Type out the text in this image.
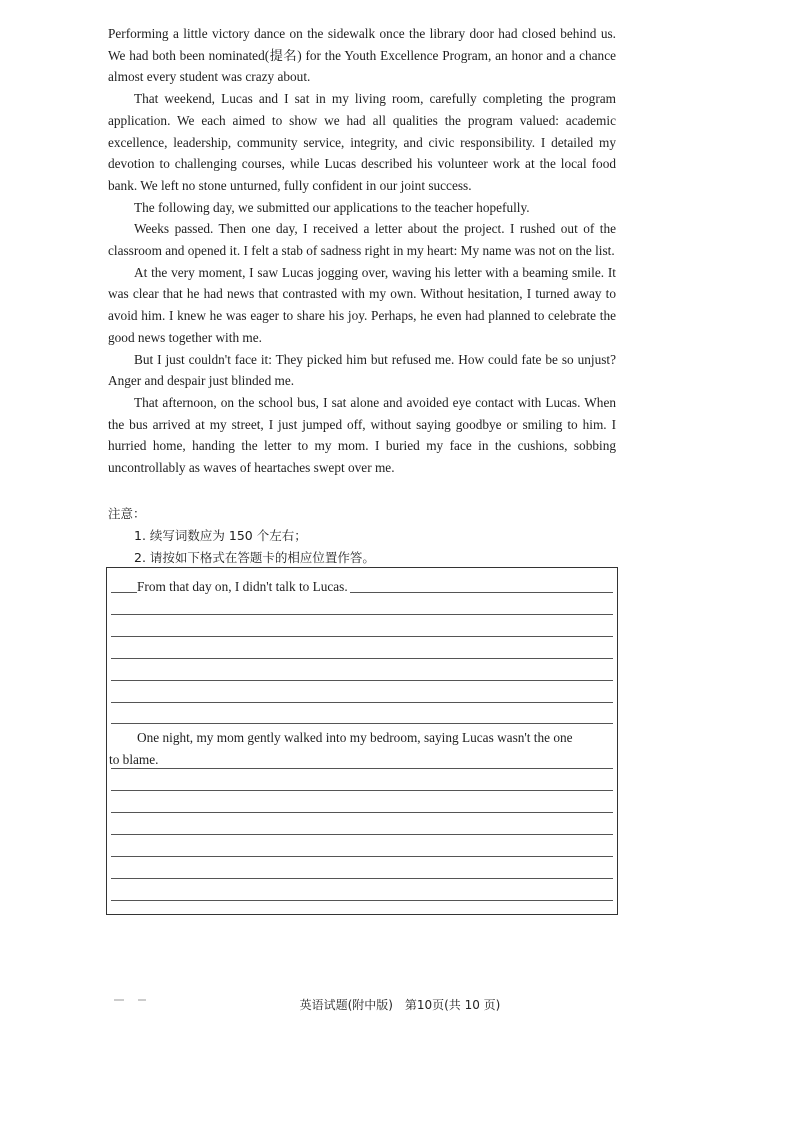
Performing a little victory dance on the sidewalk once the library door had closed behind us. We had both been nominated(提名) for the Youth Excellence Program, an honor and a chance almost every student was crazy about.

That weekend, Lucas and I sat in my living room, carefully completing the program application. We each aimed to show we had all qualities the program valued: academic excellence, leadership, community service, integrity, and civic responsibility. I detailed my devotion to challenging courses, while Lucas described his volunteer work at the local food bank. We left no stone unturned, fully confident in our joint success.

The following day, we submitted our applications to the teacher hopefully.

Weeks passed. Then one day, I received a letter about the project. I rushed out of the classroom and opened it. I felt a stab of sadness right in my heart: My name was not on the list.

At the very moment, I saw Lucas jogging over, waving his letter with a beaming smile. It was clear that he had news that contrasted with my own. Without hesitation, I turned away to avoid him. I knew he was eager to share his joy. Perhaps, he even had planned to celebrate the good news together with me.

But I just couldn't face it: They picked him but refused me. How could fate be so unjust? Anger and despair just blinded me.

That afternoon, on the school bus, I sat alone and avoided eye contact with Lucas. When the bus arrived at my street, I just jumped off, without saying goodbye or smiling to him. I hurried home, handing the letter to my mom. I buried my face in the cushions, sobbing uncontrollably as waves of heartaches swept over me.

注意：
1. 续写词数应为 150 个左右；
2. 请按如下格式在答题卡的相应位置作答。
From that day on, I didn't talk to Lucas.
One night, my mom gently walked into my bedroom, saying Lucas wasn't the one
to blame.
英语试题(附中版) 第10页(共 10 页)
